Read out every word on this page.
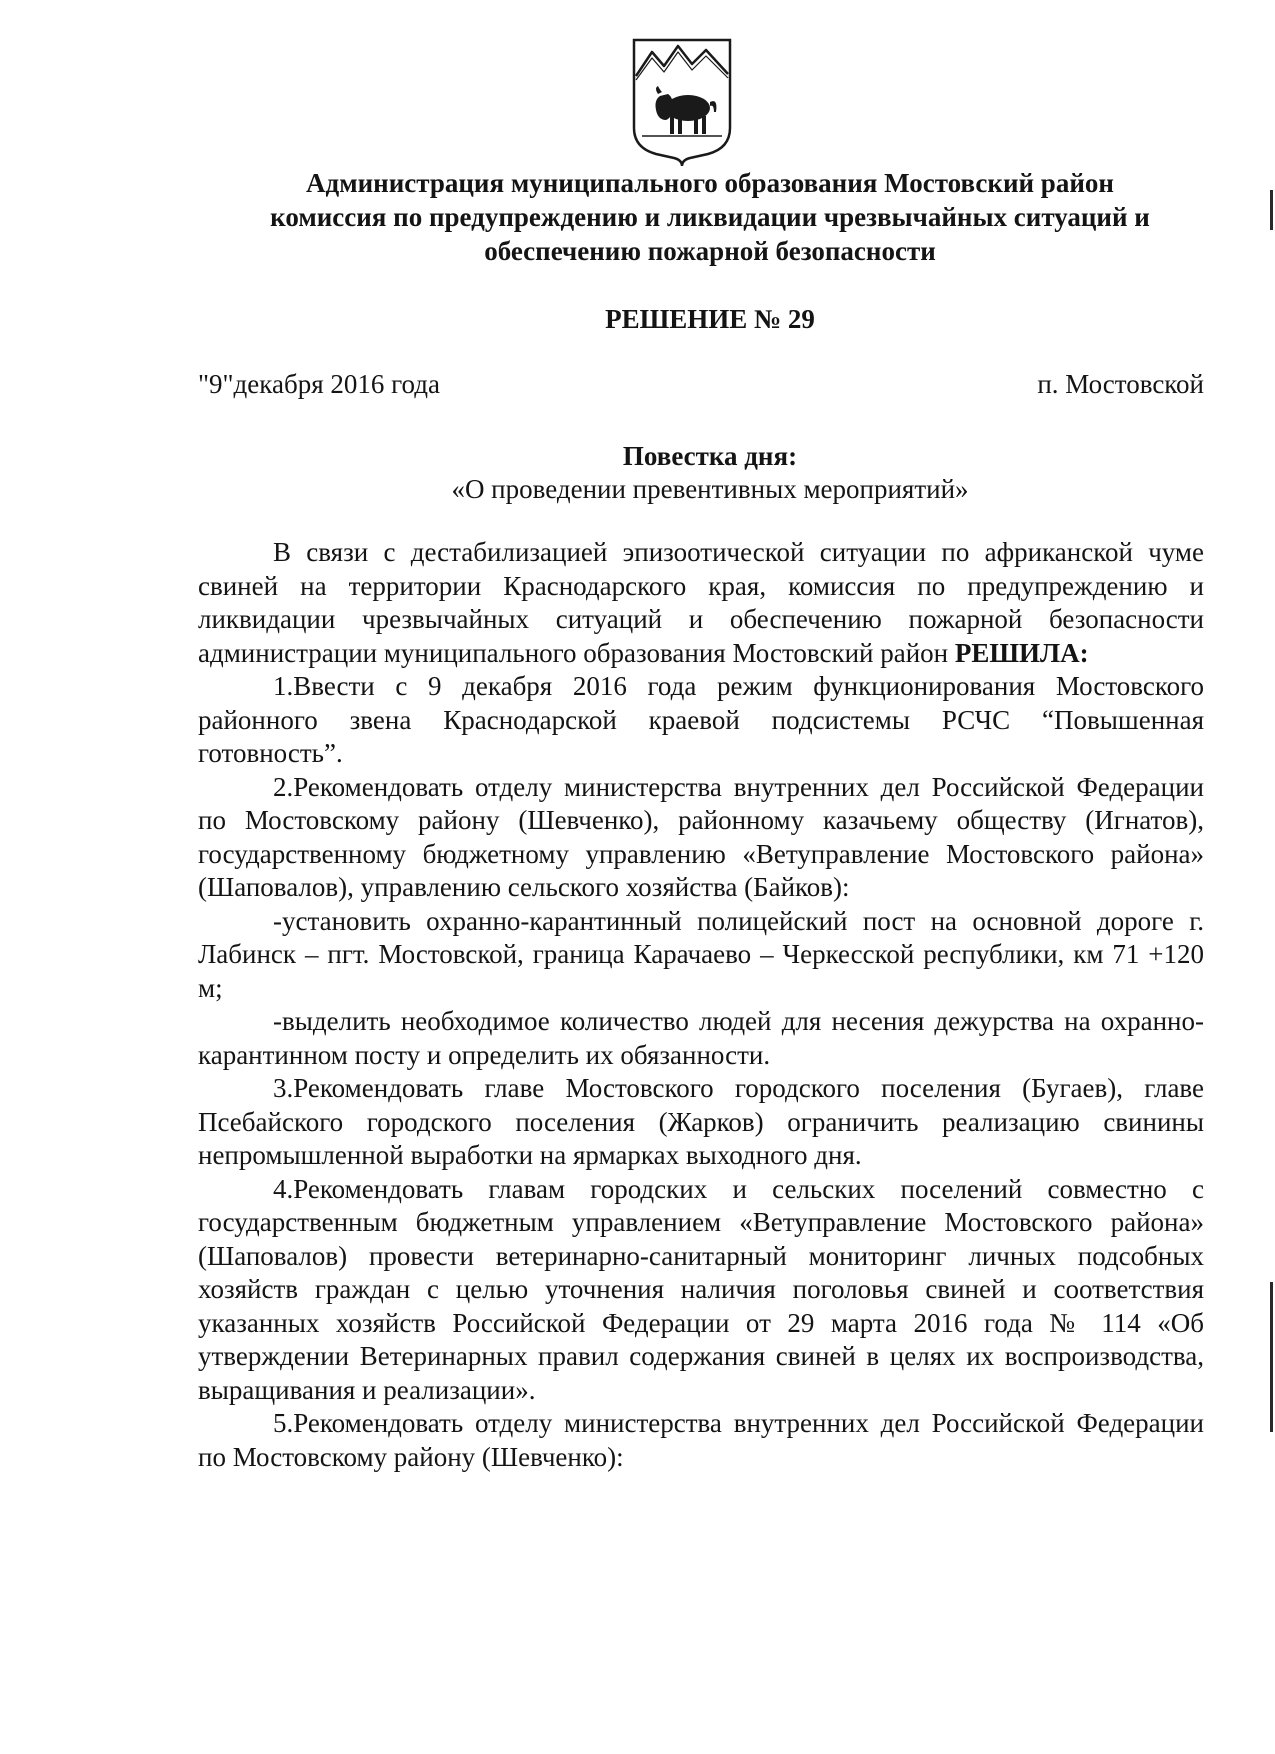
Администрация муниципального образования Мостовский район
комиссия по предупреждению и ликвидации чрезвычайных ситуаций и
обеспечению пожарной безопасности
РЕШЕНИЕ № 29
"9"декабря 2016 года	п. Мостовской
Повестка дня:
«О проведении превентивных мероприятий»

В связи с дестабилизацией эпизоотической ситуации по африканской чуме свиней на территории Краснодарского края, комиссия по предупреждению и ликвидации чрезвычайных ситуаций и обеспечению пожарной безопасности администрации муниципального образования Мостовский район РЕШИЛА:

1.Ввести с 9 декабря 2016 года режим функционирования Мостовского районного звена Краснодарской краевой подсистемы РСЧС “Повышенная готовность”.

2.Рекомендовать отделу министерства внутренних дел Российской Федерации по Мостовскому району (Шевченко), районному казачьему обществу (Игнатов), государственному бюджетному управлению «Ветуправление Мостовского района» (Шаповалов), управлению сельского хозяйства (Байков):

-установить охранно-карантинный полицейский пост на основной дороге г. Лабинск – пгт. Мостовской, граница Карачаево – Черкесской республики, км 71 +120 м;

-выделить необходимое количество людей для несения дежурства на охранно-карантинном посту и определить их обязанности.

3.Рекомендовать главе Мостовского городского поселения (Бугаев), главе Псебайского городского поселения (Жарков) ограничить реализацию свинины непромышленной выработки на ярмарках выходного дня.

4.Рекомендовать главам городских и сельских поселений совместно с государственным бюджетным управлением «Ветуправление Мостовского района» (Шаповалов) провести ветеринарно-санитарный мониторинг личных подсобных хозяйств граждан с целью уточнения наличия поголовья свиней и соответствия указанных хозяйств Российской Федерации от 29 марта 2016 года № 114 «Об утверждении Ветеринарных правил содержания свиней в целях их воспроизводства, выращивания и реализации».

5.Рекомендовать отделу министерства внутренних дел Российской Федерации по Мостовскому району (Шевченко):
